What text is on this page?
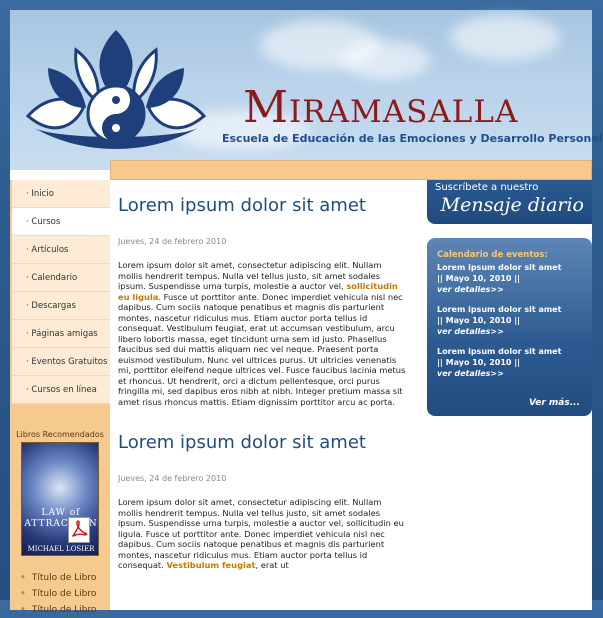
Miramasalla
Escuela de Educación de las Emociones y Desarrollo Personal
· Inicio
· Cursos
· Artículos
· Calendario
· Descargas
· Páginas amigas
· Eventos Gratuitos
· Cursos en línea
Libros Recomendados
LAW of
ATTRACTION
MICHAEL LOSIER
• Título de Libro
• Título de Libro
• Título de Libro
Lorem ipsum dolor sit amet
Jueves, 24 de febrero 2010

Lorem ipsum dolor sit amet, consectetur adipiscing elit. Nullam mollis hendrerit tempus. Nulla vel tellus justo, sit amet sodales ipsum. Suspendisse urna turpis, molestie a auctor vel, sollicitudin eu ligula. Fusce ut porttitor ante. Donec imperdiet vehicula nisl nec dapibus. Cum sociis natoque penatibus et magnis dis parturient montes, nascetur ridiculus mus. Etiam auctor porta tellus id consequat. Vestibulum feugiat, erat ut accumsan vestibulum, arcu libero lobortis massa, eget tincidunt urna sem id justo. Phasellus faucibus sed dui mattis aliquam nec vel neque. Praesent porta euismod vestibulum. Nunc vel ultrices purus. Ut ultricies venenatis mi, porttitor eleifend neque ultrices vel. Fusce faucibus lacinia metus et rhoncus. Ut hendrerit, orci a dictum pellentesque, orci purus fringilla mi, sed dapibus eros nibh at nibh. Integer pretium massa sit amet risus rhoncus mattis. Etiam dignissim porttitor arcu ac porta.

Lorem ipsum dolor sit amet
Jueves, 24 de febrero 2010

Lorem ipsum dolor sit amet, consectetur adipiscing elit. Nullam mollis hendrerit tempus. Nulla vel tellus justo, sit amet sodales ipsum. Suspendisse urna turpis, molestie a auctor vel, sollicitudin eu ligula. Fusce ut porttitor ante. Donec imperdiet vehicula nisl nec dapibus. Cum sociis natoque penatibus et magnis dis parturient montes, nascetur ridiculus mus. Etiam auctor porta tellus id consequat. Vestibulum feugiat, erat ut

Suscríbete a nuestro
Mensaje diario
Calendario de eventos:
Lorem ipsum dolor sit amet
|| Mayo 10, 2010 ||
ver detalles>>
Lorem ipsum dolor sit amet
|| Mayo 10, 2010 ||
ver detalles>>
Lorem ipsum dolor sit amet
|| Mayo 10, 2010 ||
ver detalles>>
Ver más...
